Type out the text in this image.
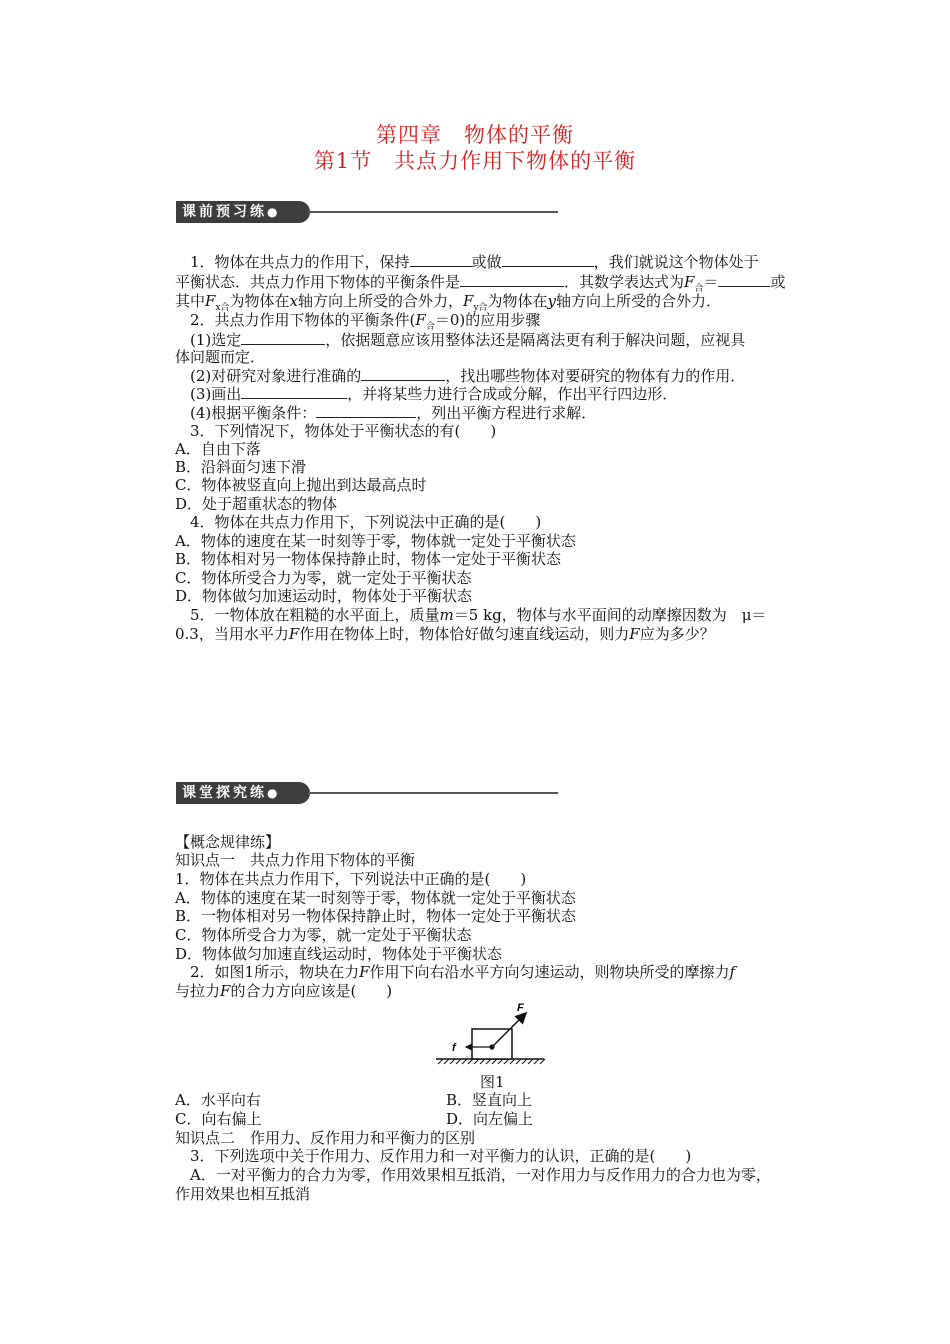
第四章　物体的平衡
第1节　共点力作用下物体的平衡
课前预习练●
1．物体在共点力的作用下，保持	或做	，我们就说这个物体处于
平衡状态．共点力作用下物体的平衡条件是	．其数学表达式为$F_合=$	或
其中$F_{x合}$为物体在x轴方向上所受的合外力，$F_{y合}$为物体在y轴方向上所受的合外力．
2．共点力作用下物体的平衡条件$(F_合=0)$的应用步骤
(1)选定	，依据题意应该用整体法还是隔离法更有利于解决问题，应视具
体问题而定．
(2)对研究对象进行准确的	，找出哪些物体对要研究的物体有力的作用．
(3)画出	，并将某些力进行合成或分解，作出平行四边形．
(4)根据平衡条件：	，列出平衡方程进行求解．
3．下列情况下，物体处于平衡状态的有(　　)
A．自由下落
B．沿斜面匀速下滑
C．物体被竖直向上抛出到达最高点时
D．处于超重状态的物体
4．物体在共点力作用下，下列说法中正确的是(　　)
A．物体的速度在某一时刻等于零，物体就一定处于平衡状态
B．物体相对另一物体保持静止时，物体一定处于平衡状态
C．物体所受合力为零，就一定处于平衡状态
D．物体做匀加速运动时，物体处于平衡状态
5．一物体放在粗糙的水平面上，质量m＝5 kg，物体与水平面间的动摩擦因数为　μ＝
0.3，当用水平力F作用在物体上时，物体恰好做匀速直线运动，则力F应为多少？
课堂探究练●
【概念规律练】
知识点一　共点力作用下物体的平衡
1．物体在共点力作用下，下列说法中正确的是(　　)
A．物体的速度在某一时刻等于零，物体就一定处于平衡状态
B．一物体相对另一物体保持静止时，物体一定处于平衡状态
C．物体所受合力为零，就一定处于平衡状态
D．物体做匀加速直线运动时，物体处于平衡状态
2．如图1所示，物块在力F作用下向右沿水平方向匀速运动，则物块所受的摩擦力f
与拉力F的合力方向应该是(　　)
F
f
图1
A．水平向右	B．竖直向上
C．向右偏上	D．向左偏上
知识点二　作用力、反作用力和平衡力的区别
3．下列选项中关于作用力、反作用力和一对平衡力的认识，正确的是(　　)
A．一对平衡力的合力为零，作用效果相互抵消，一对作用力与反作用力的合力也为零，
作用效果也相互抵消
